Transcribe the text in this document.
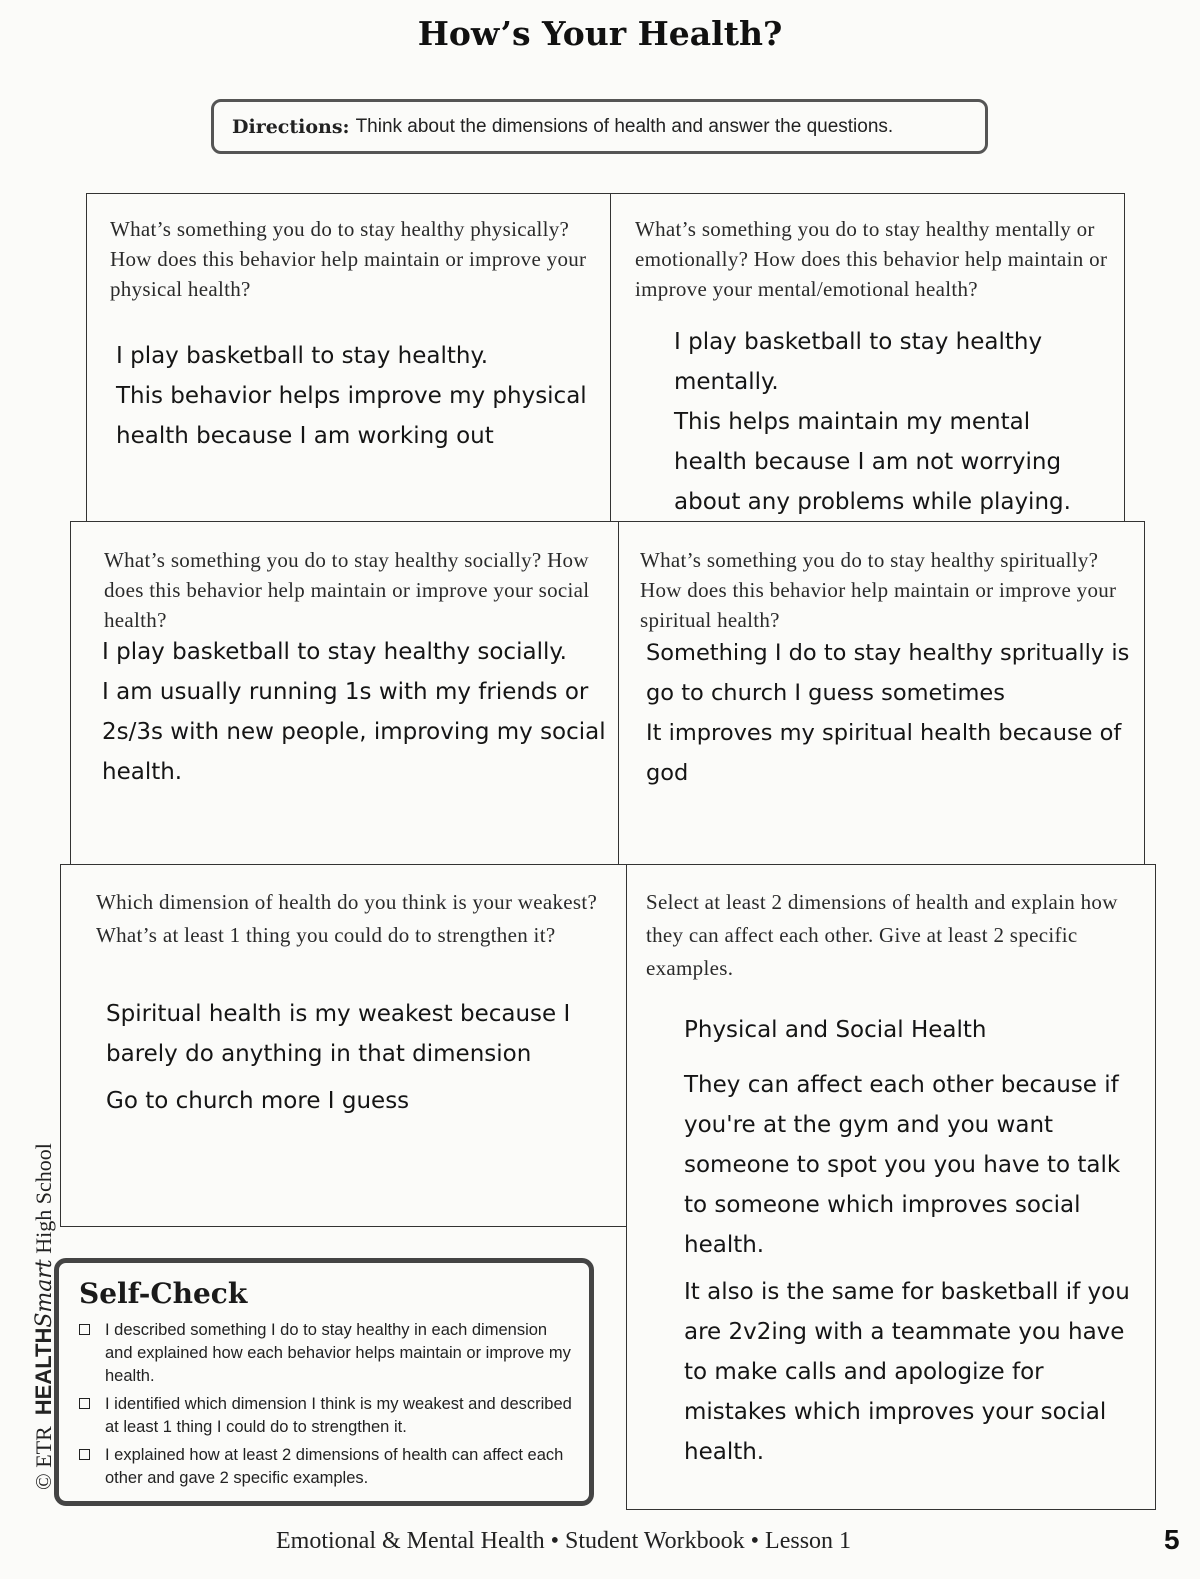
How’s Your Health?
Directions: Think about the dimensions of health and answer the questions.
What’s something you do to stay healthy physically? How does this behavior help maintain or improve your physical health?

I play basketball to stay healthy.

This behavior helps improve my physical health because I am working out

What’s something you do to stay healthy mentally or emotionally? How does this behavior help maintain or improve your mental/emotional health?

I play basketball to stay healthy mentally.

This helps maintain my mental health because I am not worrying about any problems while playing.

What’s something you do to stay healthy socially? How does this behavior help maintain or improve your social health?

I play basketball to stay healthy socially.

I am usually running 1s with my friends or 2s/3s with new people, improving my social health.

What’s something you do to stay healthy spiritually? How does this behavior help maintain or improve your spiritual health?

Something I do to stay healthy spritually is go to church I guess sometimes

It improves my spiritual health because of god

Which dimension of health do you think is your weakest? What’s at least 1 thing you could do to strengthen it?

Spiritual health is my weakest because I barely do anything in that dimension

Go to church more I guess

Select at least 2 dimensions of health and explain how they can affect each other. Give at least 2 specific examples.

Physical and Social Health

They can affect each other because if you're at the gym and you want someone to spot you you have to talk to someone which improves social health.

It also is the same for basketball if you are 2v2ing with a teammate you have to make calls and apologize for mistakes which improves your social health.

Self-Check
I described something I do to stay healthy in each dimension and explained how each behavior helps maintain or improve my health.
I identified which dimension I think is my weakest and described at least 1 thing I could do to strengthen it.
I explained how at least 2 dimensions of health can affect each other and gave 2 specific examples.
© ETR  HEALTHSmart High School
Emotional & Mental Health • Student Workbook • Lesson 1	5
